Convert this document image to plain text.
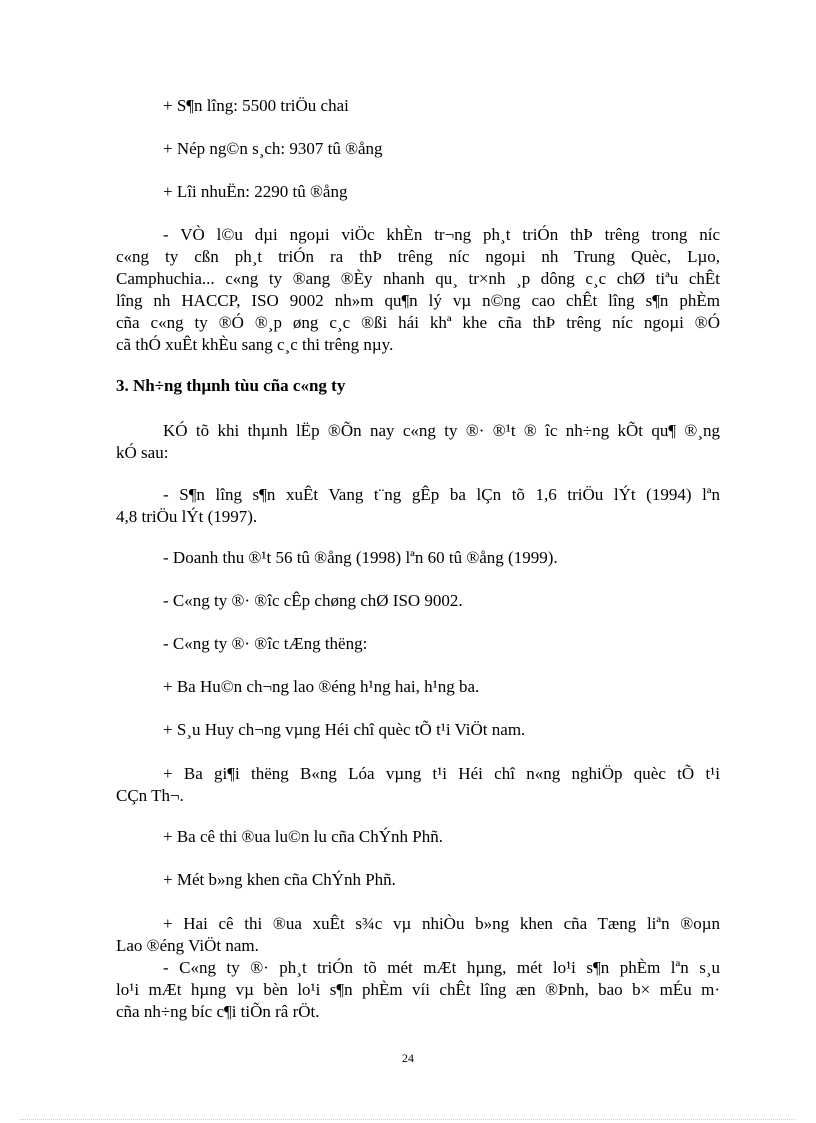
+ S¶n lîng: 5500 triÖu chai
+ Nép ng©n s¸ch: 9307 tû ®ång
+ Lîi nhuËn: 2290 tû ®ång
- VÒ l©u dµi ngoµi viÖc khÈn tr¬ng ph¸t triÓn thÞ trêng trong níc
c«ng ty cßn ph¸t triÓn ra thÞ trêng níc ngoµi nh Trung Quèc, Lµo,
Camphuchia... c«ng ty ®ang ®Èy nhanh qu¸ tr×nh ¸p dông c¸c chØ tiªu chÊt
lîng nh HACCP, ISO 9002 nh»m qu¶n lý vµ n©ng cao chÊt lîng s¶n phÈm
cña c«ng ty ®Ó ®¸p øng c¸c ®ßi hái khª khe cña thÞ trêng níc ngoµi ®Ó
cã thÓ xuÊt khÈu sang c¸c thi trêng nµy.
3. Nh÷ng thµnh tùu cña c«ng ty
KÓ tõ khi thµnh lËp ®Õn nay c«ng ty ®· ®¹t ® îc nh÷ng kÕt qu¶ ®¸ng
kÓ sau:
- S¶n lîng s¶n xuÊt Vang t¨ng gÊp ba lÇn tõ 1,6 triÖu lÝt (1994) lªn
4,8 triÖu lÝt (1997).
- Doanh thu ®¹t 56 tû ®ång (1998) lªn 60 tû ®ång (1999).
- C«ng ty ®· ®îc cÊp chøng chØ ISO 9002.
- C«ng ty ®· ®îc tÆng thëng:
+ Ba Hu©n ch¬ng lao ®éng h¹ng hai, h¹ng ba.
+ S¸u Huy ch¬ng vµng Héi chî quèc tÕ t¹i ViÖt nam.
+ Ba gi¶i thëng B«ng Lóa vµng t¹i Héi chî n«ng nghiÖp quèc tÕ t¹i
CÇn Th¬.
+ Ba cê thi ®ua lu©n lu cña ChÝnh Phñ.
+ Mét b»ng khen cña ChÝnh Phñ.
+ Hai cê thi ®ua xuÊt s¾c vµ nhiÒu b»ng khen cña Tæng liªn ®oµn
Lao ®éng ViÖt nam.
- C«ng ty ®· ph¸t triÓn tõ mét mÆt hµng, mét lo¹i s¶n phÈm lªn s¸u
lo¹i mÆt hµng vµ bèn lo¹i s¶n phÈm víi chÊt lîng æn ®Þnh, bao b× mÉu m·
cña nh÷ng bíc c¶i tiÕn râ rÖt.
24
